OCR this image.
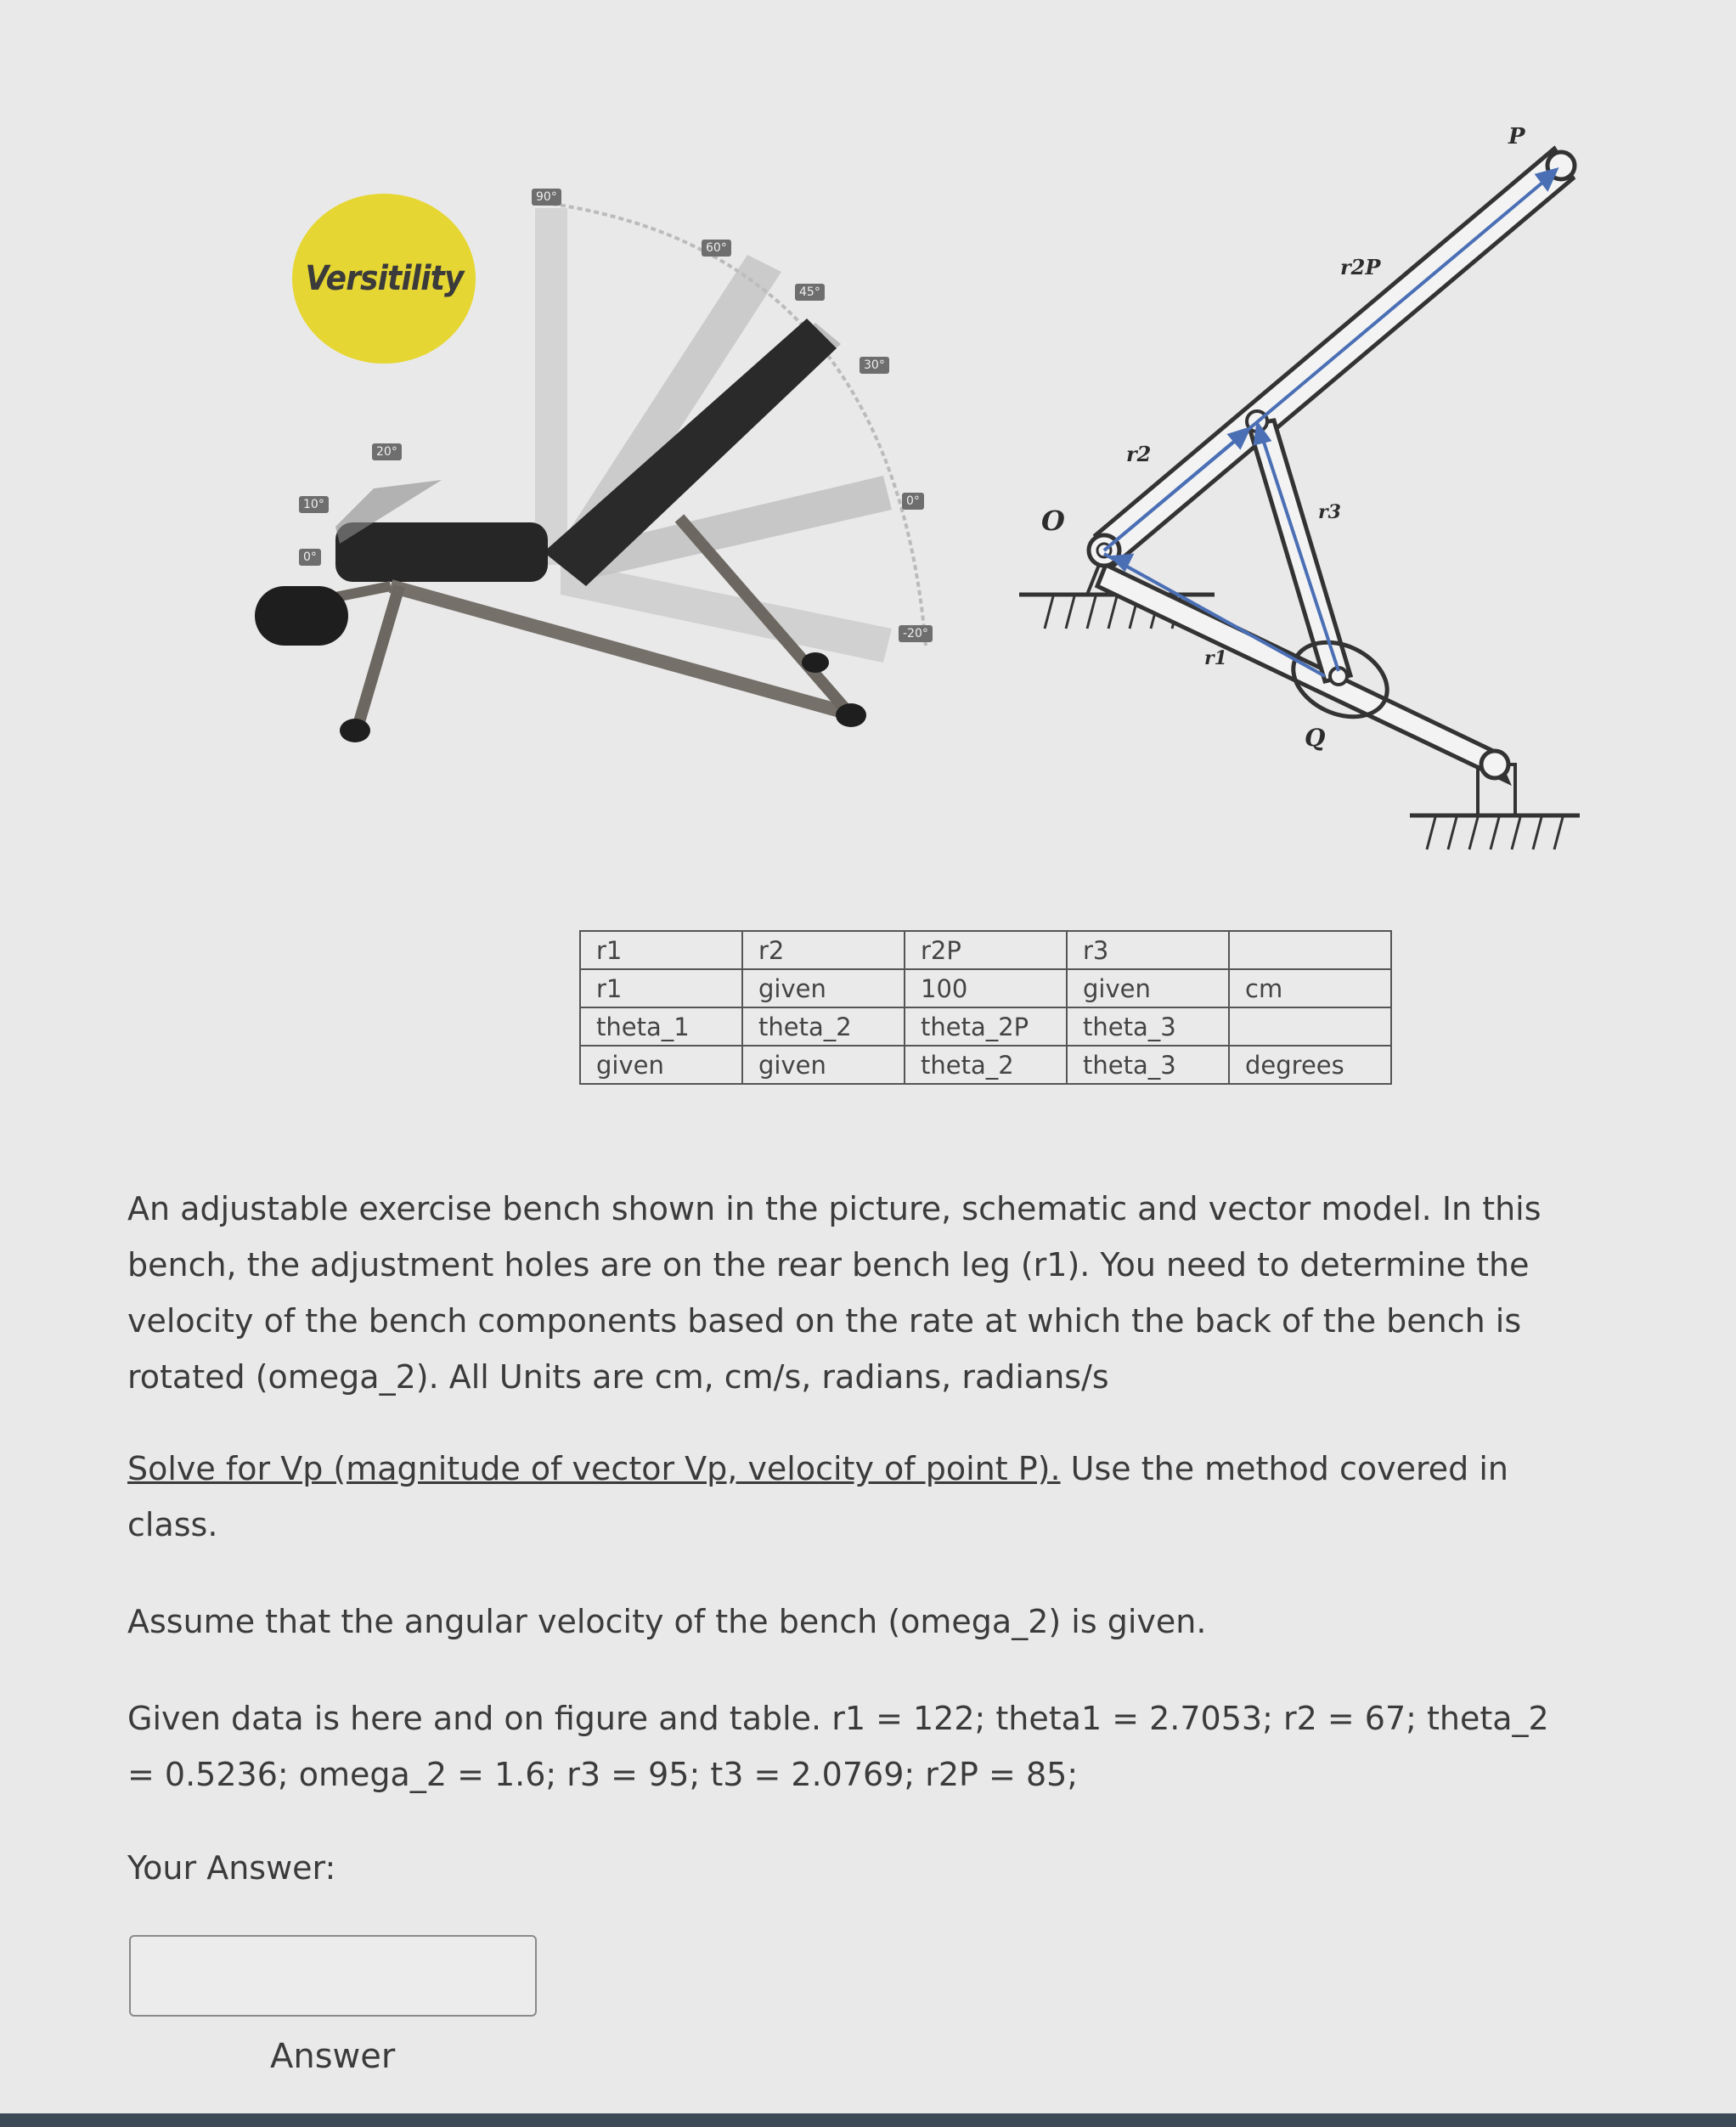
Versitility
90°
60°
45°
30°
0°
-20°
20°
10°
0°
O
r2
r1
r3
r2P
P
Q
r1	r2	r2P	r3	
r1	given	100	given	cm
theta_1	theta_2	theta_2P	theta_3	
given	given	theta_2	theta_3	degrees
An adjustable exercise bench shown in the picture, schematic and vector model. In this bench, the adjustment holes are on the rear bench leg (r1). You need to determine the velocity of the bench components based on the rate at which the back of the bench is rotated (omega_2). All Units are cm, cm/s, radians, radians/s
Solve for Vp (magnitude of vector Vp, velocity of point P). Use the method covered in class.
Assume that the angular velocity of the bench (omega_2) is given.
Given data is here and on figure and table. r1 = 122; theta1 = 2.7053; r2 = 67; theta_2 = 0.5236; omega_2 = 1.6; r3 = 95; t3 = 2.0769; r2P = 85;
Your Answer:
Answer
